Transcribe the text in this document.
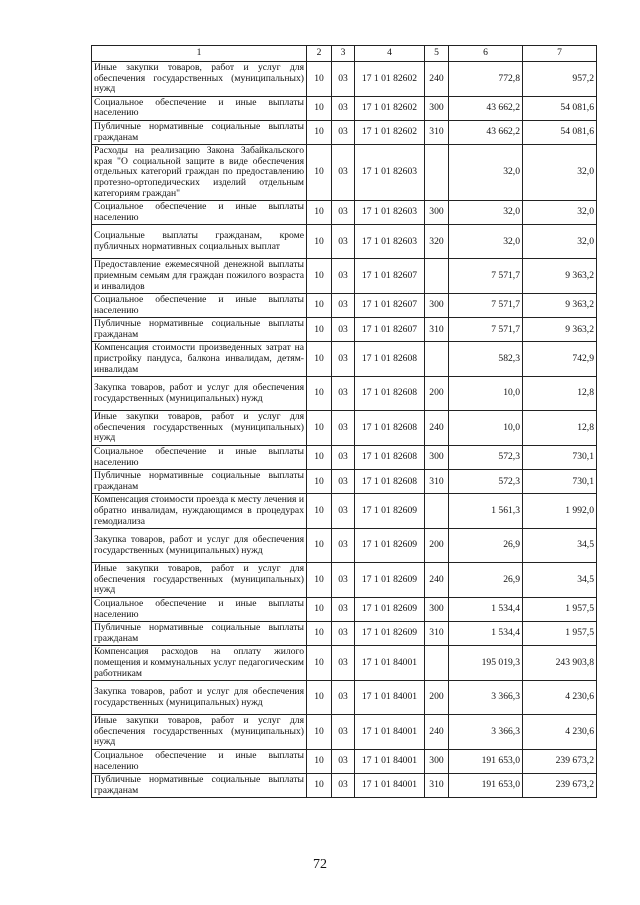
1	2	3	4	5	6	7
Иные закупки товаров, работ и услуг для обеспечения государственных (муниципальных) нужд	10	03	17 1 01 82602	240	772,8	957,2
Социальное обеспечение и иные выплаты населению	10	03	17 1 01 82602	300	43 662,2	54 081,6
Публичные нормативные социальные выплаты гражданам	10	03	17 1 01 82602	310	43 662,2	54 081,6
Расходы на реализацию Закона Забайкальского края "О социальной защите в виде обеспечения отдельных категорий граждан по предоставлению протезно-ортопедических изделий отдельным категориям граждан"	10	03	17 1 01 82603		32,0	32,0
Социальное обеспечение и иные выплаты населению	10	03	17 1 01 82603	300	32,0	32,0
Социальные выплаты гражданам, кроме публичных нормативных социальных выплат	10	03	17 1 01 82603	320	32,0	32,0
Предоставление ежемесячной денежной выплаты приемным семьям для граждан пожилого возраста и инвалидов	10	03	17 1 01 82607		7 571,7	9 363,2
Социальное обеспечение и иные выплаты населению	10	03	17 1 01 82607	300	7 571,7	9 363,2
Публичные нормативные социальные выплаты гражданам	10	03	17 1 01 82607	310	7 571,7	9 363,2
Компенсация стоимости произведенных затрат на пристройку пандуса, балкона инвалидам, детям-инвалидам	10	03	17 1 01 82608		582,3	742,9
Закупка товаров, работ и услуг для обеспечения государственных (муниципальных) нужд	10	03	17 1 01 82608	200	10,0	12,8
Иные закупки товаров, работ и услуг для обеспечения государственных (муниципальных) нужд	10	03	17 1 01 82608	240	10,0	12,8
Социальное обеспечение и иные выплаты населению	10	03	17 1 01 82608	300	572,3	730,1
Публичные нормативные социальные выплаты гражданам	10	03	17 1 01 82608	310	572,3	730,1
Компенсация стоимости проезда к месту лечения и обратно инвалидам, нуждающимся в процедурах гемодиализа	10	03	17 1 01 82609		1 561,3	1 992,0
Закупка товаров, работ и услуг для обеспечения государственных (муниципальных) нужд	10	03	17 1 01 82609	200	26,9	34,5
Иные закупки товаров, работ и услуг для обеспечения государственных (муниципальных) нужд	10	03	17 1 01 82609	240	26,9	34,5
Социальное обеспечение и иные выплаты населению	10	03	17 1 01 82609	300	1 534,4	1 957,5
Публичные нормативные социальные выплаты гражданам	10	03	17 1 01 82609	310	1 534,4	1 957,5
Компенсация расходов на оплату жилого помещения и коммунальных услуг педагогическим работникам	10	03	17 1 01 84001		195 019,3	243 903,8
Закупка товаров, работ и услуг для обеспечения государственных (муниципальных) нужд	10	03	17 1 01 84001	200	3 366,3	4 230,6
Иные закупки товаров, работ и услуг для обеспечения государственных (муниципальных) нужд	10	03	17 1 01 84001	240	3 366,3	4 230,6
Социальное обеспечение и иные выплаты населению	10	03	17 1 01 84001	300	191 653,0	239 673,2
Публичные нормативные социальные выплаты гражданам	10	03	17 1 01 84001	310	191 653,0	239 673,2
72
